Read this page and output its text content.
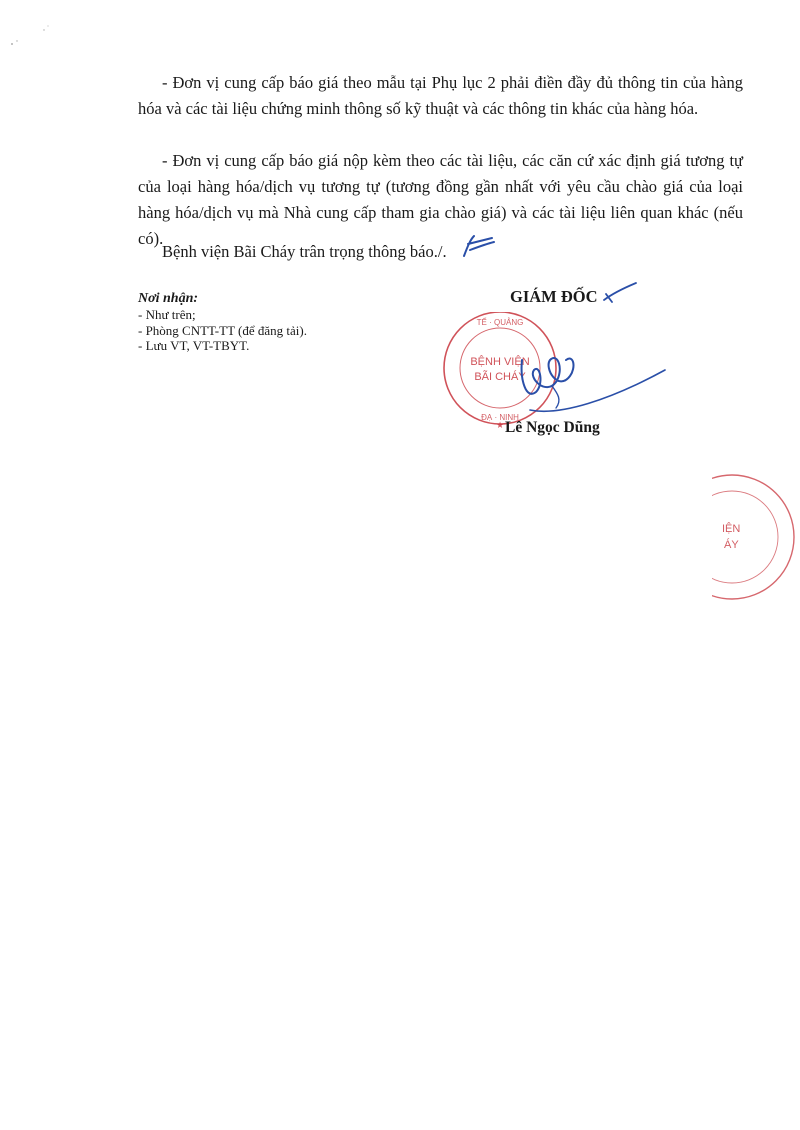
- Đơn vị cung cấp báo giá theo mẫu tại Phụ lục 2 phải điền đầy đủ thông tin của hàng hóa và các tài liệu chứng minh thông số kỹ thuật và các thông tin khác của hàng hóa.
- Đơn vị cung cấp báo giá nộp kèm theo các tài liệu, các căn cứ xác định giá tương tự của loại hàng hóa/dịch vụ tương tự (tương đồng gần nhất với yêu cầu chào giá của loại hàng hóa/dịch vụ mà Nhà cung cấp tham gia chào giá) và các tài liệu liên quan khác (nếu có).
Bệnh viện Bãi Cháy trân trọng thông báo./.
Nơi nhận:
- Như trên;
- Phòng CNTT-TT (để đăng tải).
- Lưu VT, VT-TBYT.
GIÁM ĐỐC
TẾ · QUẢNG
ĐẠ · NINH
BỆNH VIỆN
BÃI CHÁY
★ Lê Ngọc Dũng
IỆN
ÁY
